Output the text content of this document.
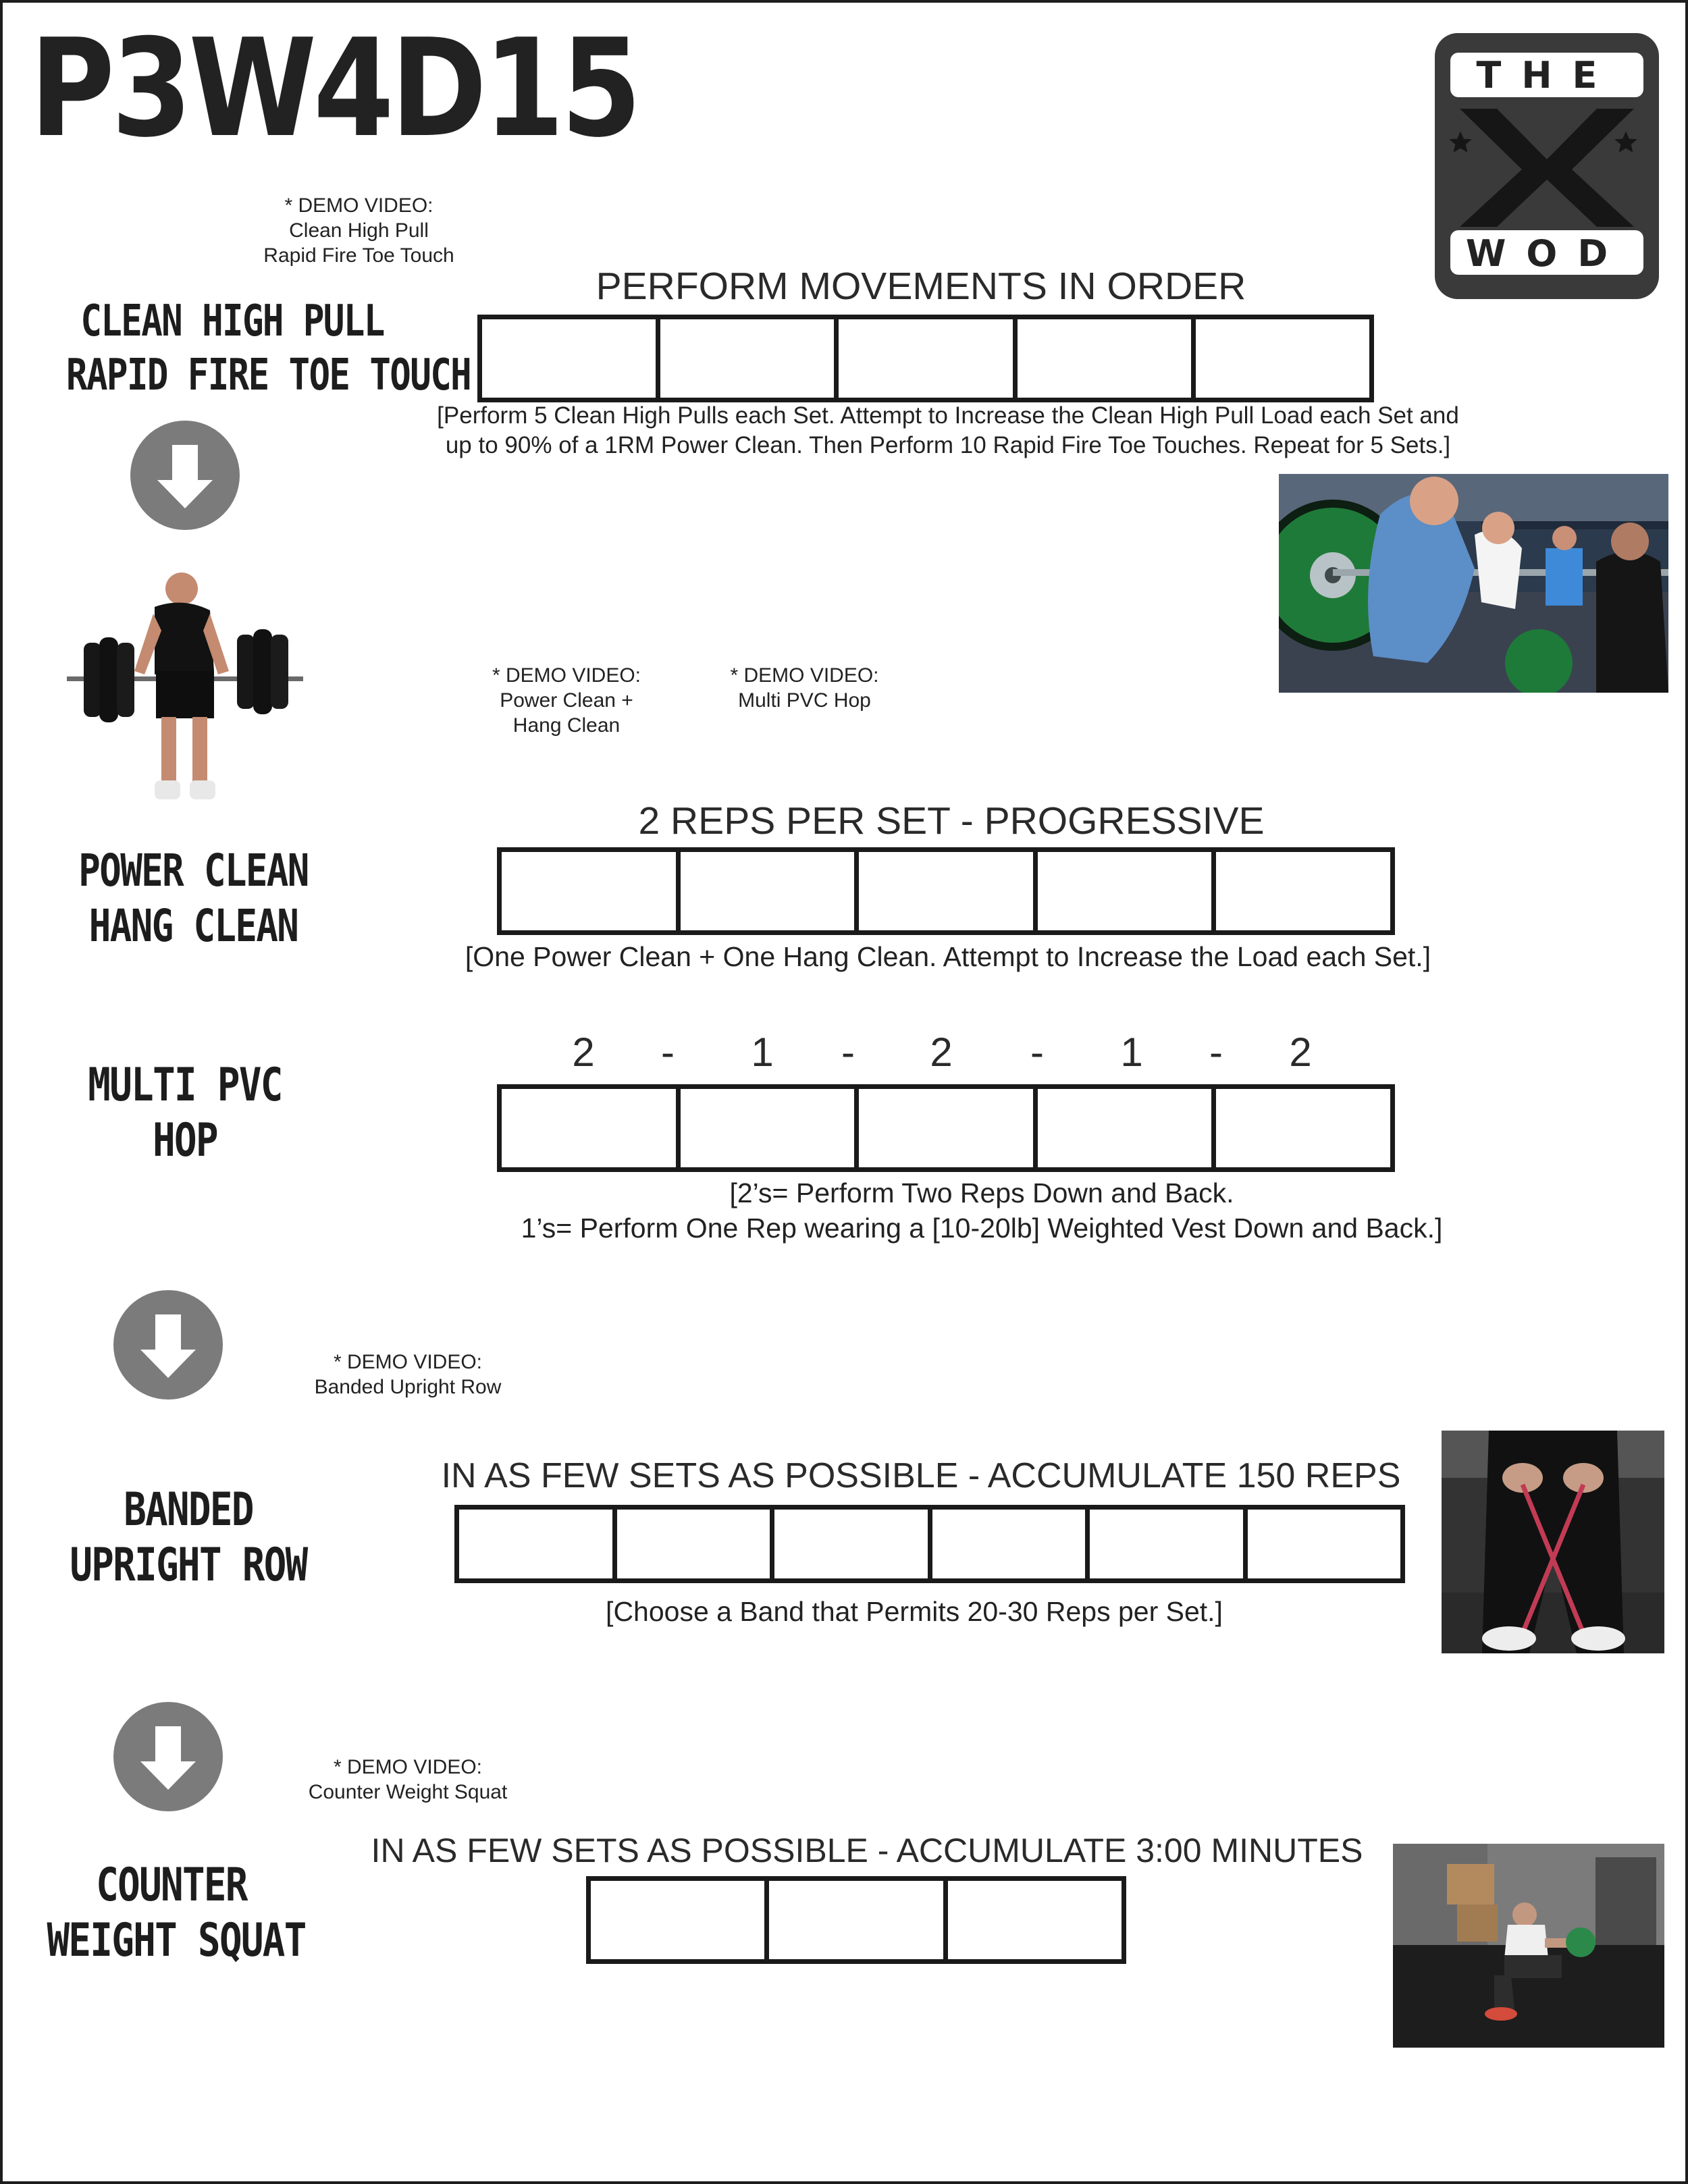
P3W4D15	THE
WOD
* DEMO VIDEO:
Clean High Pull
Rapid Fire Toe Touch
CLEAN HIGH PULL
RAPID FIRE TOE TOUCH
PERFORM MOVEMENTS IN ORDER
[Perform 5 Clean High Pulls each Set. Attempt to Increase the Clean High Pull Load each Set and
up to 90% of a 1RM Power Clean. Then Perform 10 Rapid Fire Toe Touches. Repeat for 5 Sets.]
* DEMO VIDEO:
Power Clean +
Hang Clean
* DEMO VIDEO:
Multi PVC Hop
2 REPS PER SET - PROGRESSIVE
POWER CLEAN
HANG CLEAN
[One Power Clean + One Hang Clean. Attempt to Increase the Load each Set.]
MULTI PVC
HOP
2	-	1	-	2	-	1	-	2
[2’s= Perform Two Reps Down and Back.
1’s= Perform One Rep wearing a [10-20lb] Weighted Vest Down and Back.]
* DEMO VIDEO:
Banded Upright Row
IN AS FEW SETS AS POSSIBLE - ACCUMULATE 150 REPS
BANDED
UPRIGHT ROW
[Choose a Band that Permits 20-30 Reps per Set.]
* DEMO VIDEO:
Counter Weight Squat
IN AS FEW SETS AS POSSIBLE - ACCUMULATE 3:00 MINUTES
COUNTER
WEIGHT SQUAT
